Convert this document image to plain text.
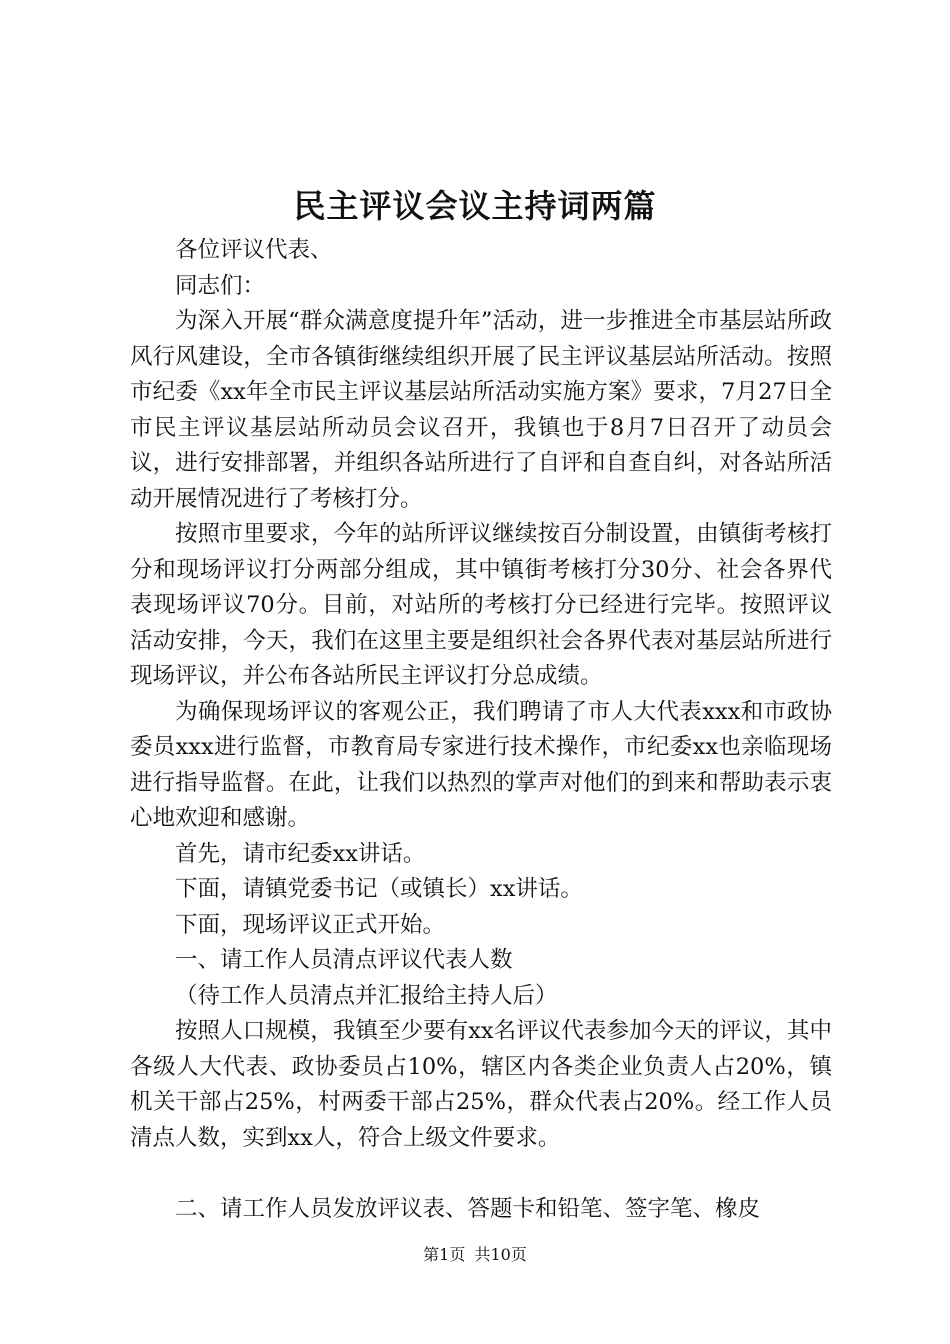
民主评议会议主持词两篇

各位评议代表、

同志们：

为深入开展“群众满意度提升年”活动，进一步推进全市基层站所政风行风建设，全市各镇街继续组织开展了民主评议基层站所活动。按照市纪委《xx年全市民主评议基层站所活动实施方案》要求，7月27日全市民主评议基层站所动员会议召开，我镇也于8月7日召开了动员会议，进行安排部署，并组织各站所进行了自评和自查自纠，对各站所活动开展情况进行了考核打分。

按照市里要求，今年的站所评议继续按百分制设置，由镇街考核打分和现场评议打分两部分组成，其中镇街考核打分30分、社会各界代表现场评议70分。目前，对站所的考核打分已经进行完毕。按照评议活动安排，今天，我们在这里主要是组织社会各界代表对基层站所进行现场评议，并公布各站所民主评议打分总成绩。

为确保现场评议的客观公正，我们聘请了市人大代表xxx和市政协委员xxx进行监督，市教育局专家进行技术操作，市纪委xx也亲临现场进行指导监督。在此，让我们以热烈的掌声对他们的到来和帮助表示衷心地欢迎和感谢。

首先，请市纪委xx讲话。

下面，请镇党委书记（或镇长）xx讲话。

下面，现场评议正式开始。

一、请工作人员清点评议代表人数

（待工作人员清点并汇报给主持人后）

按照人口规模，我镇至少要有xx名评议代表参加今天的评议，其中各级人大代表、政协委员占10%，辖区内各类企业负责人占20%，镇机关干部占25%，村两委干部占25%，群众代表占20%。经工作人员清点人数，实到xx人，符合上级文件要求。

二、请工作人员发放评议表、答题卡和铅笔、签字笔、橡皮

第1页 共10页
